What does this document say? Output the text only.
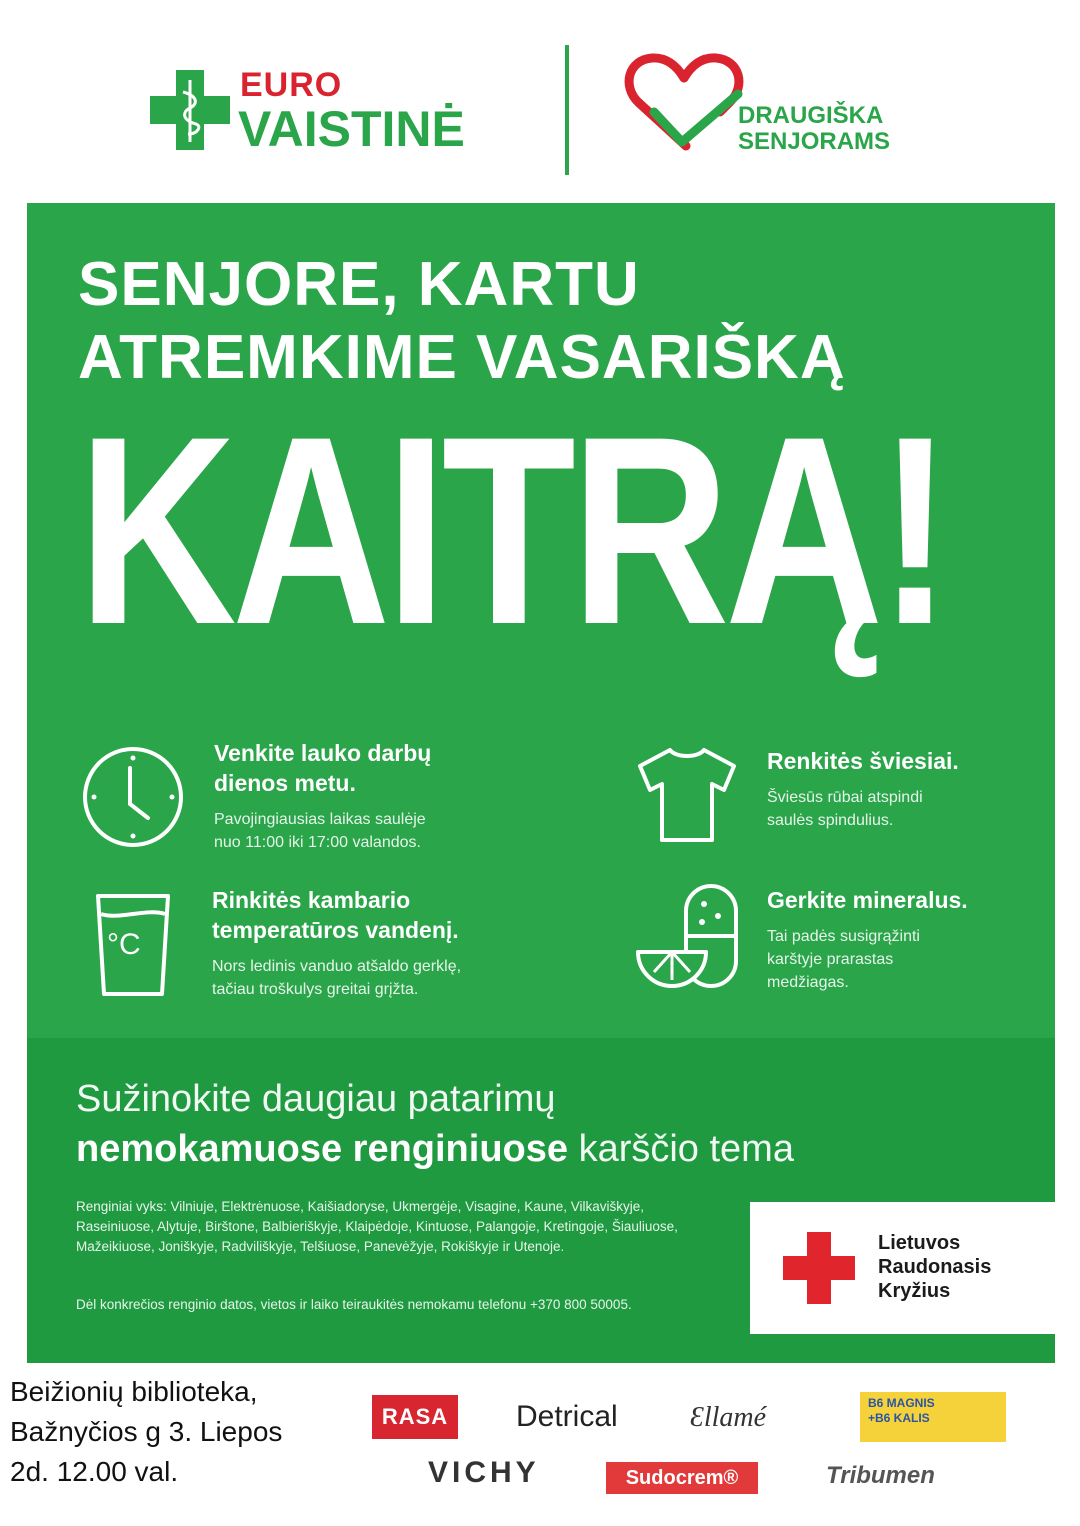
EURO
VAISTINĖ	DRAUGIŠKA
SENJORAMS
SENJORE, KARTU
ATREMKIME VASARIŠKĄ
KAITRĄ!
Venkite lauko darbų
dienos metu.
Pavojingiausias laikas saulėje
nuo 11:00 iki 17:00 valandos.
Renkitės šviesiai.
Šviesūs rūbai atspindi
saulės spindulius.
°C
Rinkitės kambario
temperatūros vandenį.
Nors ledinis vanduo atšaldo gerklę,
tačiau troškulys greitai grįžta.
Gerkite mineralus.
Tai padės susigrąžinti
karštyje prarastas
medžiagas.
Sužinokite daugiau patarimų
nemokamuose renginiuose karščio tema
Renginiai vyks: Vilniuje, Elektrėnuose, Kaišiadoryse, Ukmergėje, Visagine, Kaune, Vilkaviškyje, Raseiniuose, Alytuje, Birštone, Balbieriškyje, Klaipėdoje, Kintuose, Palangoje, Kretingoje, Šiauliuose, Mažeikiuose, Joniškyje, Radviliškyje, Telšiuose, Panevėžyje, Rokiškyje ir Utenoje.
Dėl konkrečios renginio datos, vietos ir laiko teiraukitės nemokamu telefonu +370 800 50005.
Lietuvos
Raudonasis
Kryžius
Beižionių biblioteka,
Bažnyčios g 3. Liepos
2d. 12.00 val.
RASA	Detrical	Ɛllamé	B6 MAGNIS
+B6 KALIS
VICHY	Sudocrem®	Tribumen
